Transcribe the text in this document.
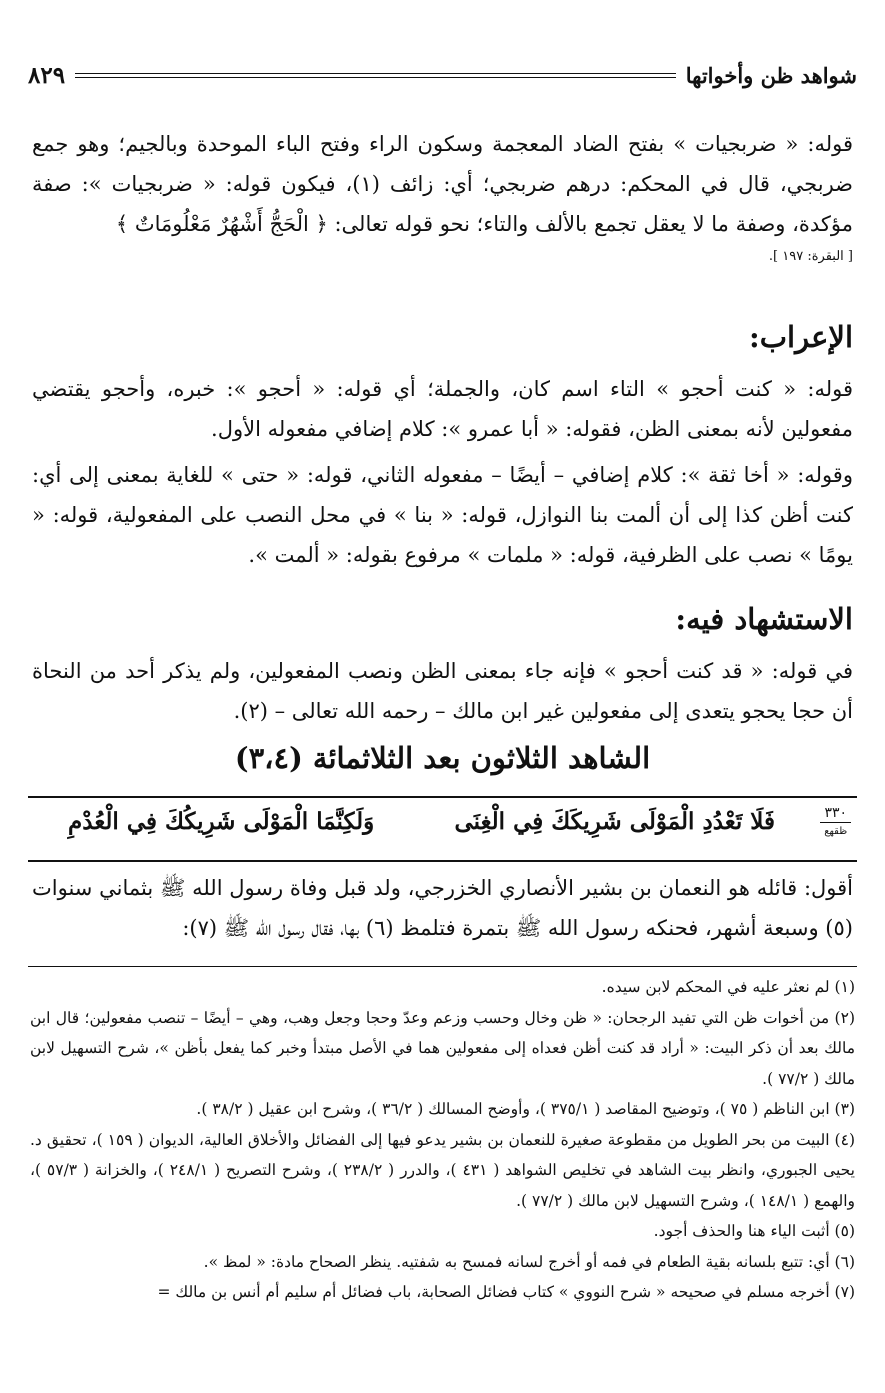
شواهد ظن وأخواتها
٨٢٩

قوله: « ضربجيات » بفتح الضاد المعجمة وسكون الراء وفتح الباء الموحدة وبالجيم؛ وهو جمع ضربجي، قال في المحكم: درهم ضربجي؛ أي: زائف (١)، فيكون قوله: « ضربجيات »: صفة مؤكدة، وصفة ما لا يعقل تجمع بالألف والتاء؛ نحو قوله تعالى: ﴿ الْحَجُّ أَشْهُرٌ مَعْلُومَاتٌ ﴾

[ البقرة: ١٩٧ ].
الإعراب:

قوله: « كنت أحجو » التاء اسم كان، والجملة؛ أي قوله: « أحجو »: خبره، وأحجو يقتضي مفعولين لأنه بمعنى الظن، فقوله: « أبا عمرو »: كلام إضافي مفعوله الأول.

وقوله: « أخا ثقة »: كلام إضافي – أيضًا – مفعوله الثاني، قوله: « حتى » للغاية بمعنى إلى أي: كنت أظن كذا إلى أن ألمت بنا النوازل، قوله: « بنا » في محل النصب على المفعولية، قوله: « يومًا » نصب على الظرفية، قوله: « ملمات » مرفوع بقوله: « ألمت ».

الاستشهاد فيه:

في قوله: « قد كنت أحجو » فإنه جاء بمعنى الظن ونصب المفعولين، ولم يذكر أحد من النحاة أن حجا يحجو يتعدى إلى مفعولين غير ابن مالك – رحمه الله تعالى – (٢).

الشاهد الثلاثون بعد الثلاثمائة (٣،٤)
٣٣٠
ظقهع
فَلَا تَعْدُدِ الْمَوْلَى شَرِيكَكَ فِي الْغِنَى
وَلَكِنَّمَا الْمَوْلَى شَرِيكُكَ فِي الْعُدْمِ

أقول: قائله هو النعمان بن بشير الأنصاري الخزرجي، ولد قبل وفاة رسول الله ﷺ بثماني سنوات (٥) وسبعة أشهر، فحنكه رسول الله ﷺ بتمرة فتلمظ (٦) بها، فقال رسول الله ﷺ (٧):

(١) لم نعثر عليه في المحكم لابن سيده.

(٢) من أخوات ظن التي تفيد الرجحان: « ظن وخال وحسب وزعم وعدّ وحجا وجعل وهب، وهي – أيضًا – تنصب مفعولين؛ قال ابن مالك بعد أن ذكر البيت: « أراد قد كنت أظن فعداه إلى مفعولين هما في الأصل مبتدأ وخبر كما يفعل بأظن »، شرح التسهيل لابن مالك ( ٧٧/٢ ).

(٣) ابن الناظم ( ٧٥ )، وتوضيح المقاصد ( ٣٧٥/١ )، وأوضح المسالك ( ٣٦/٢ )، وشرح ابن عقيل ( ٣٨/٢ ).

(٤) البيت من بحر الطويل من مقطوعة صغيرة للنعمان بن بشير يدعو فيها إلى الفضائل والأخلاق العالية، الديوان ( ١٥٩ )، تحقيق د. يحيى الجبوري، وانظر بيت الشاهد في تخليص الشواهد ( ٤٣١ )، والدرر ( ٢٣٨/٢ )، وشرح التصريح ( ٢٤٨/١ )، والخزانة ( ٥٧/٣ )، والهمع ( ١٤٨/١ )، وشرح التسهيل لابن مالك ( ٧٧/٢ ).

(٥) أثبت الياء هنا والحذف أجود.

(٦) أي: تتبع بلسانه بقية الطعام في فمه أو أخرج لسانه فمسح به شفتيه. ينظر الصحاح مادة: « لمظ ».

(٧) أخرجه مسلم في صحيحه « شرح النووي » كتاب فضائل الصحابة، باب فضائل أم سليم أم أنس بن مالك =
